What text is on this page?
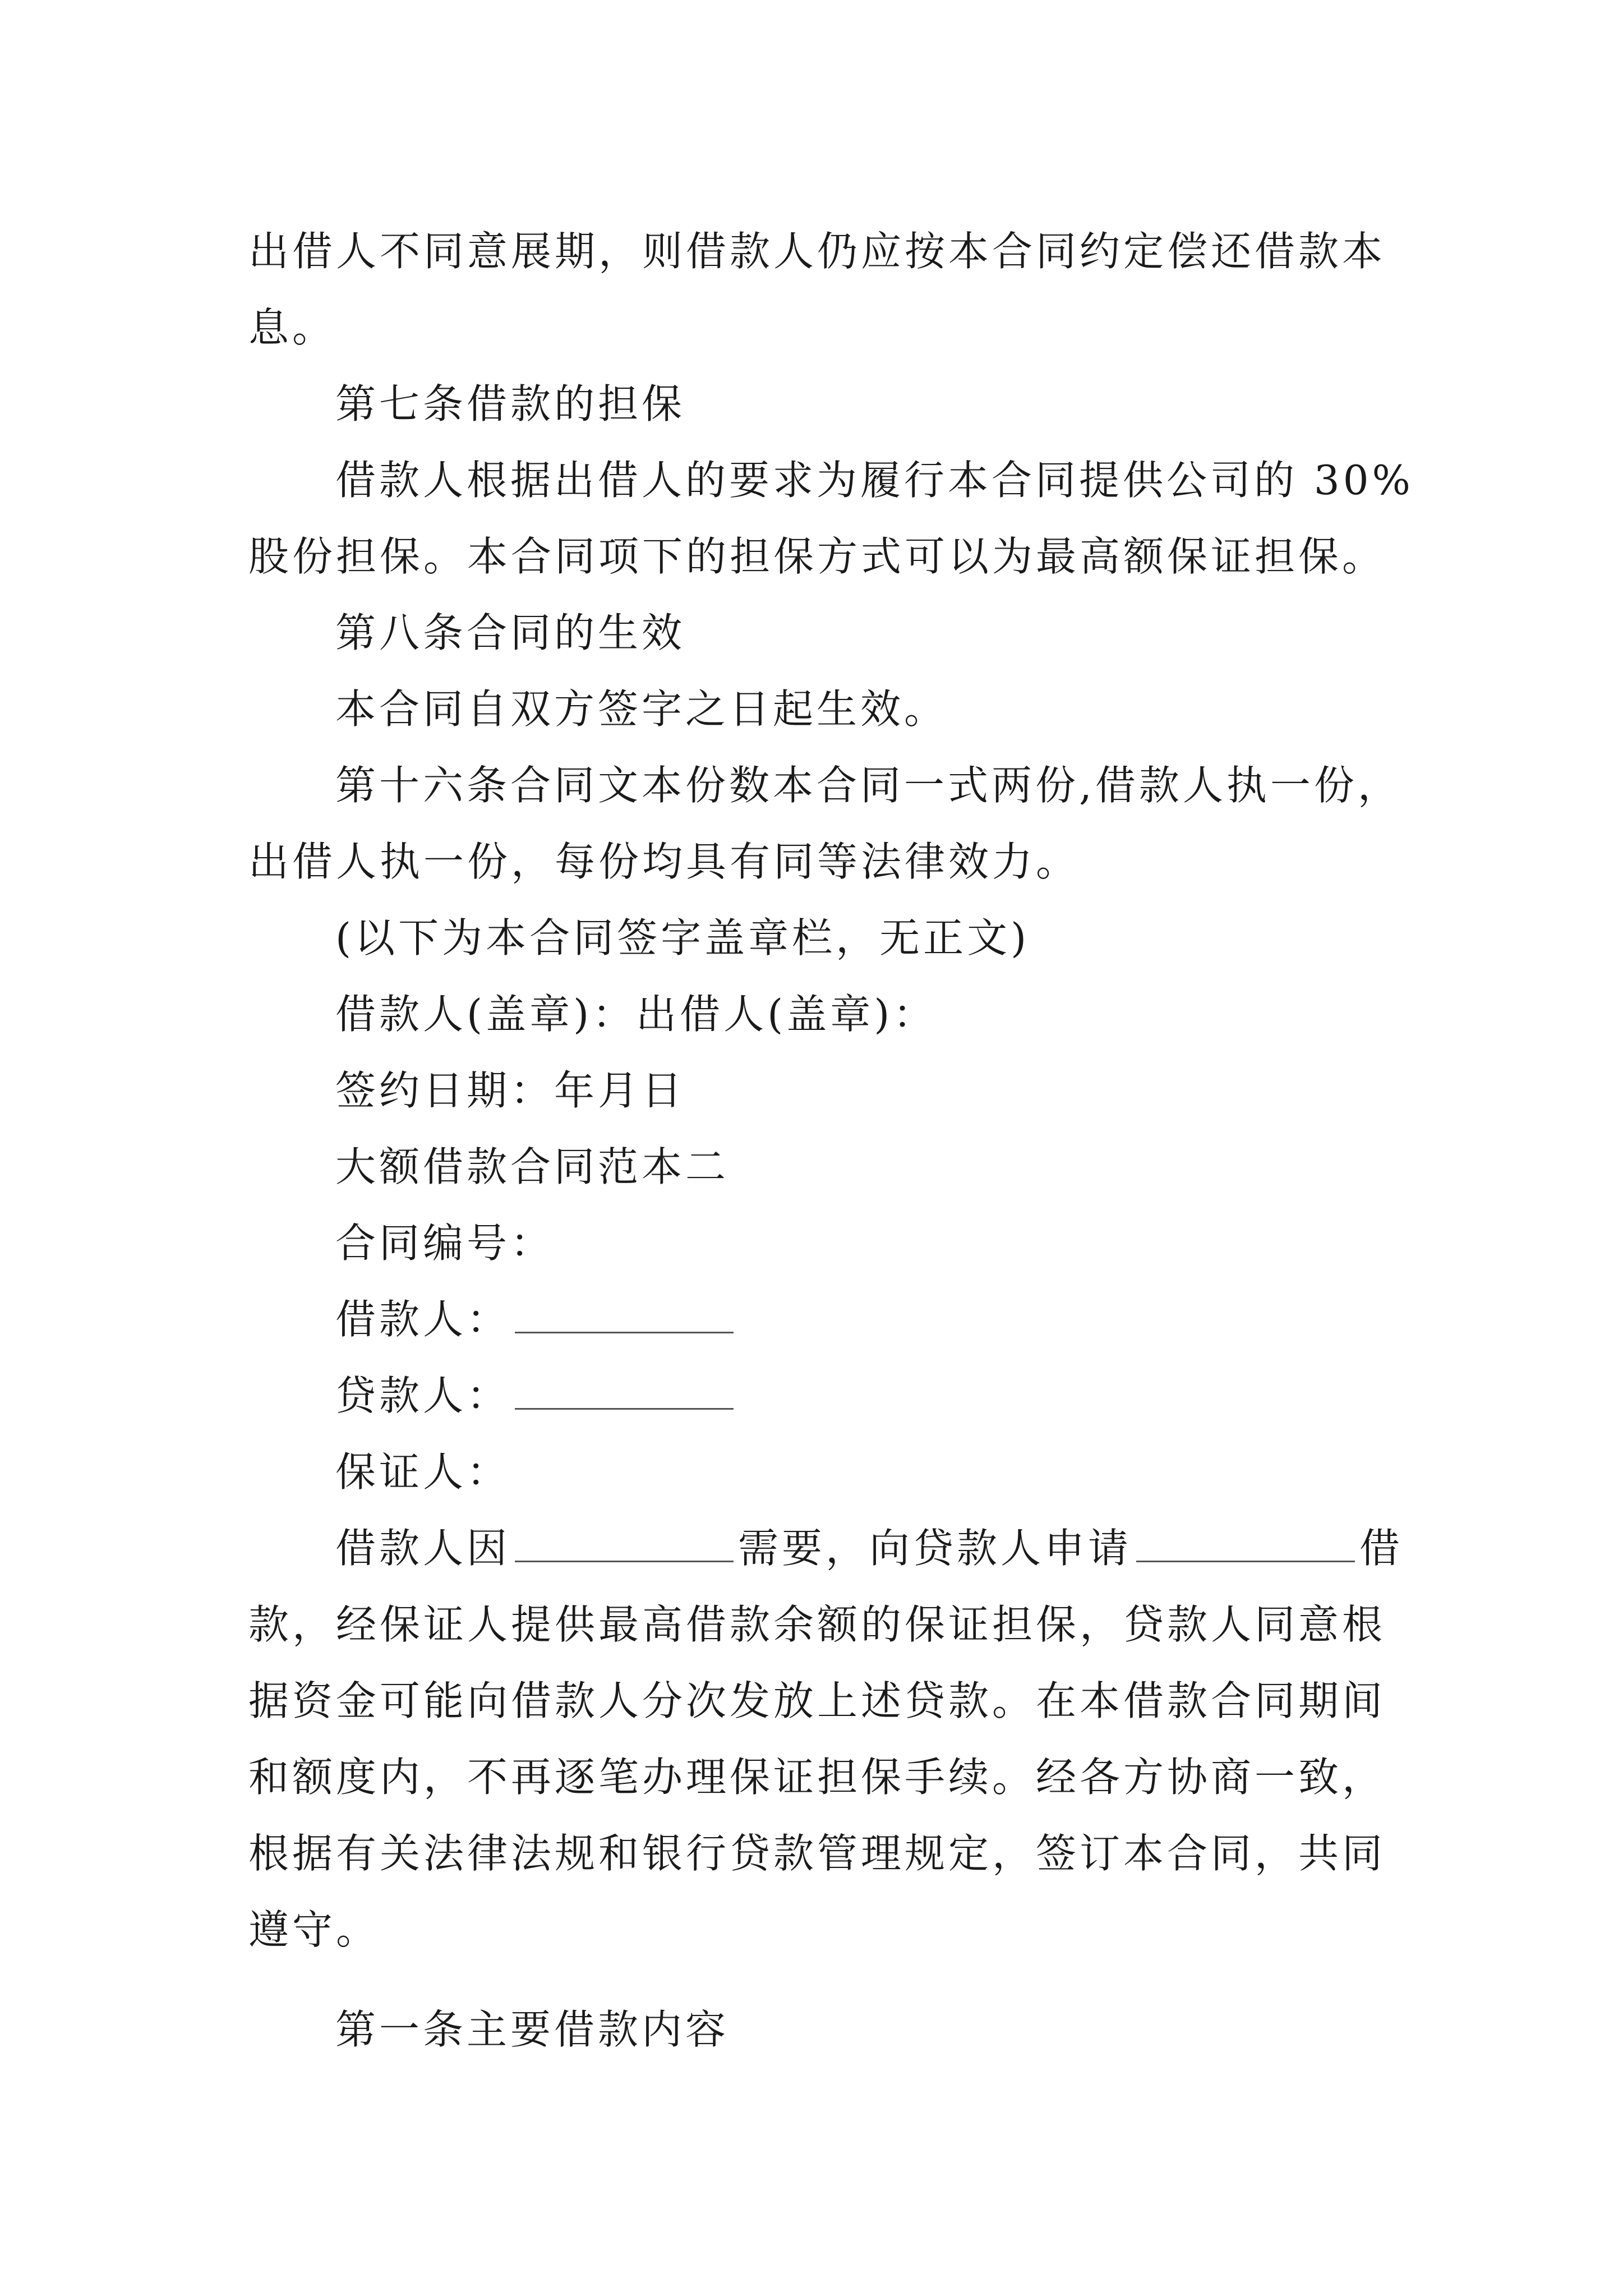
出借人不同意展期，则借款人仍应按本合同约定偿还借款本
息。
第七条借款的担保
借款人根据出借人的要求为履行本合同提供公司的 30%
股份担保。本合同项下的担保方式可以为最高额保证担保。
第八条合同的生效
本合同自双方签字之日起生效。
第十六条合同文本份数本合同一式两份,借款人执一份，
出借人执一份，每份均具有同等法律效力。
(以下为本合同签字盖章栏，无正文)
借款人(盖章)：出借人(盖章)：
签约日期：年月日
大额借款合同范本二
合同编号：
借款人：
贷款人：
保证人：
借款人因	需要，向贷款人申请	借
款，经保证人提供最高借款余额的保证担保，贷款人同意根
据资金可能向借款人分次发放上述贷款。在本借款合同期间
和额度内，不再逐笔办理保证担保手续。经各方协商一致，
根据有关法律法规和银行贷款管理规定，签订本合同，共同
遵守。
第一条主要借款内容
